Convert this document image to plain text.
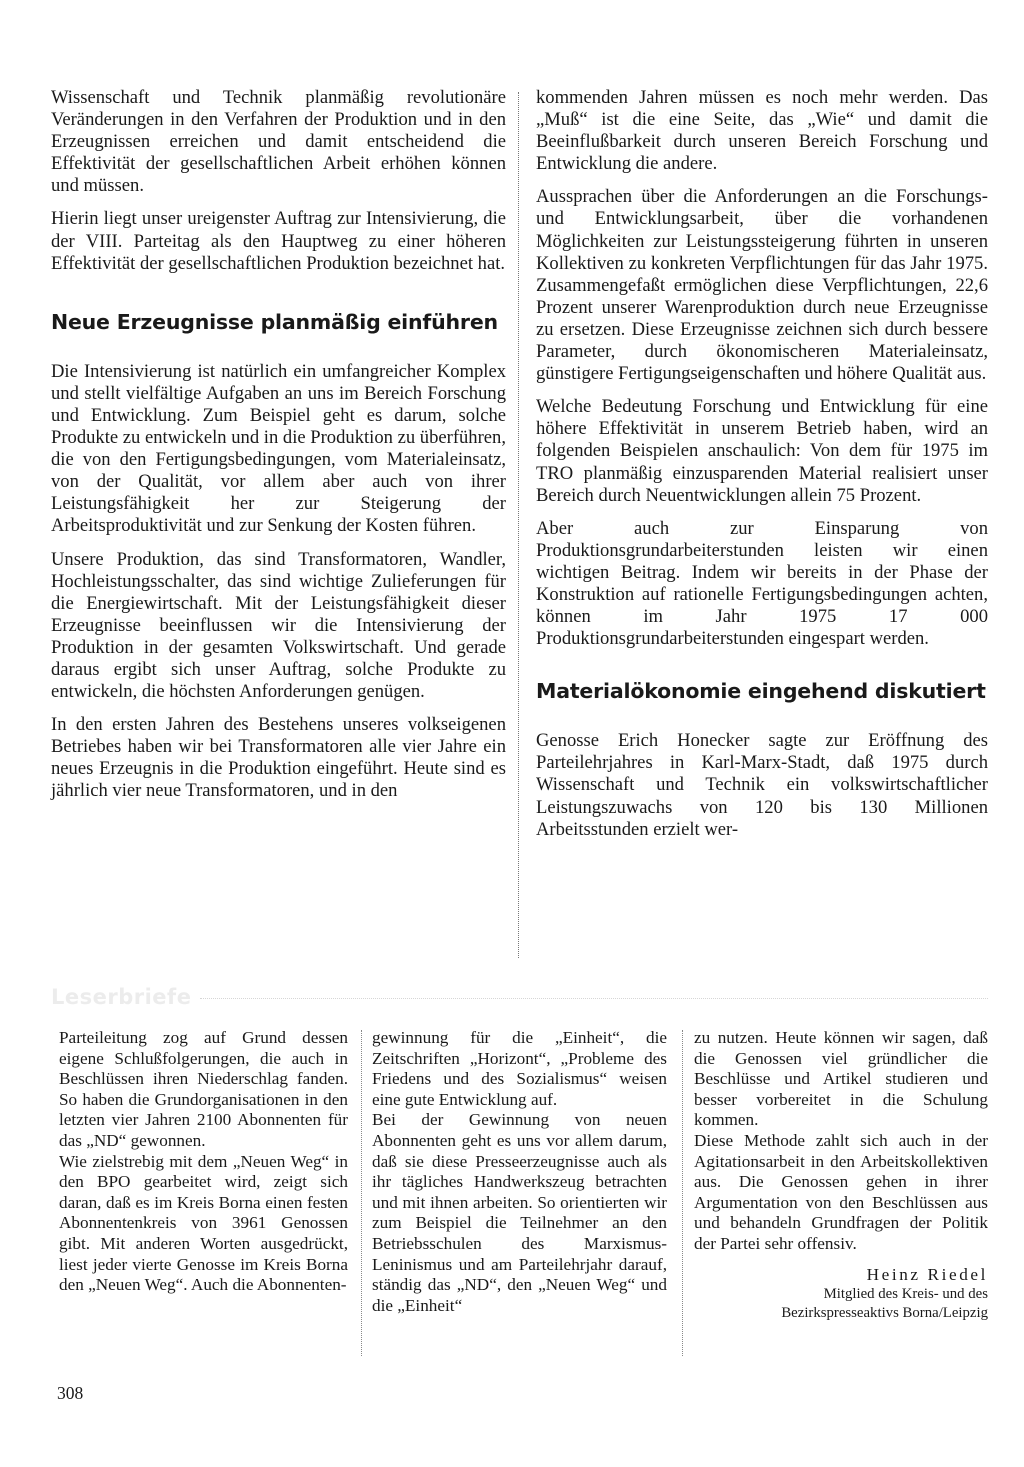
Wissenschaft und Technik planmäßig revolutionäre Veränderungen in den Verfahren der Produktion und in den Erzeugnissen erreichen und damit entscheidend die Effektivität der gesellschaftlichen Arbeit erhöhen können und müssen.

Hierin liegt unser ureigenster Auftrag zur Intensivierung, die der VIII. Parteitag als den Hauptweg zu einer höheren Effektivität der gesellschaftlichen Produktion bezeichnet hat.

Neue Erzeugnisse planmäßig einführen

Die Intensivierung ist natürlich ein umfangreicher Komplex und stellt vielfältige Aufgaben an uns im Bereich Forschung und Entwicklung. Zum Beispiel geht es darum, solche Produkte zu entwickeln und in die Produktion zu überführen, die von den Fertigungsbedingungen, vom Materialeinsatz, von der Qualität, vor allem aber auch von ihrer Leistungsfähigkeit her zur Steigerung der Arbeitsproduktivität und zur Senkung der Kosten führen.

Unsere Produktion, das sind Transformatoren, Wandler, Hochleistungsschalter, das sind wichtige Zulieferungen für die Energiewirtschaft. Mit der Leistungsfähigkeit dieser Erzeugnisse beeinflussen wir die Intensivierung der Produktion in der gesamten Volkswirtschaft. Und gerade daraus ergibt sich unser Auftrag, solche Produkte zu entwickeln, die höchsten Anforderungen genügen.

In den ersten Jahren des Bestehens unseres volkseigenen Betriebes haben wir bei Transformatoren alle vier Jahre ein neues Erzeugnis in die Produktion eingeführt. Heute sind es jährlich vier neue Transformatoren, und in den

kommenden Jahren müssen es noch mehr werden. Das „Muß“ ist die eine Seite, das „Wie“ und damit die Beeinflußbarkeit durch unseren Bereich Forschung und Entwicklung die andere.

Aussprachen über die Anforderungen an die Forschungs- und Entwicklungsarbeit, über die vorhandenen Möglichkeiten zur Leistungssteigerung führten in unseren Kollektiven zu konkreten Verpflichtungen für das Jahr 1975. Zusammengefaßt ermöglichen diese Verpflichtungen, 22,6 Prozent unserer Warenproduktion durch neue Erzeugnisse zu ersetzen. Diese Erzeugnisse zeichnen sich durch bessere Parameter, durch ökonomischeren Materialeinsatz, günstigere Fertigungseigenschaften und höhere Qualität aus.

Welche Bedeutung Forschung und Entwicklung für eine höhere Effektivität in unserem Betrieb haben, wird an folgenden Beispielen anschaulich: Von dem für 1975 im TRO planmäßig einzusparenden Material realisiert unser Bereich durch Neuentwicklungen allein 75 Prozent.

Aber auch zur Einsparung von Produktionsgrundarbeiterstunden leisten wir einen wichtigen Beitrag. Indem wir bereits in der Phase der Konstruktion auf rationelle Fertigungsbedingungen achten, können im Jahr 1975 17 000 Produktionsgrundarbeiterstunden eingespart werden.

Materialökonomie eingehend diskutiert

Genosse Erich Honecker sagte zur Eröffnung des Parteilehrjahres in Karl-Marx-Stadt, daß 1975 durch Wissenschaft und Technik ein volkswirtschaftlicher Leistungszuwachs von 120 bis 130 Millionen Arbeitsstunden erzielt wer-

Leserbriefe

Parteileitung zog auf Grund dessen eigene Schlußfolgerungen, die auch in Beschlüssen ihren Niederschlag fanden. So haben die Grundorganisationen in den letzten vier Jahren 2100 Abonnenten für das „ND“ gewonnen.

Wie zielstrebig mit dem „Neuen Weg“ in den BPO gearbeitet wird, zeigt sich daran, daß es im Kreis Borna einen festen Abonnentenkreis von 3961 Genossen gibt. Mit anderen Worten ausgedrückt, liest jeder vierte Genosse im Kreis Borna den „Neuen Weg“. Auch die Abonnenten-

gewinnung für die „Einheit“, die Zeitschriften „Horizont“, „Probleme des Friedens und des Sozialismus“ weisen eine gute Entwicklung auf.

Bei der Gewinnung von neuen Abonnenten geht es uns vor allem darum, daß sie diese Presseerzeugnisse auch als ihr tägliches Handwerkszeug betrachten und mit ihnen arbeiten. So orientierten wir zum Beispiel die Teilnehmer an den Betriebsschulen des Marxismus-Leninismus und am Parteilehrjahr darauf, ständig das „ND“, den „Neuen Weg“ und die „Einheit“

zu nutzen. Heute können wir sagen, daß die Genossen viel gründlicher die Beschlüsse und Artikel studieren und besser vorbereitet in die Schulung kommen.

Diese Methode zahlt sich auch in der Agitationsarbeit in den Arbeitskollektiven aus. Die Genossen gehen in ihrer Argumentation von den Beschlüssen aus und behandeln Grundfragen der Politik der Partei sehr offensiv.

Heinz Riedel

Mitglied des Kreis- und des

Bezirkspresseaktivs Borna/Leipzig

308
